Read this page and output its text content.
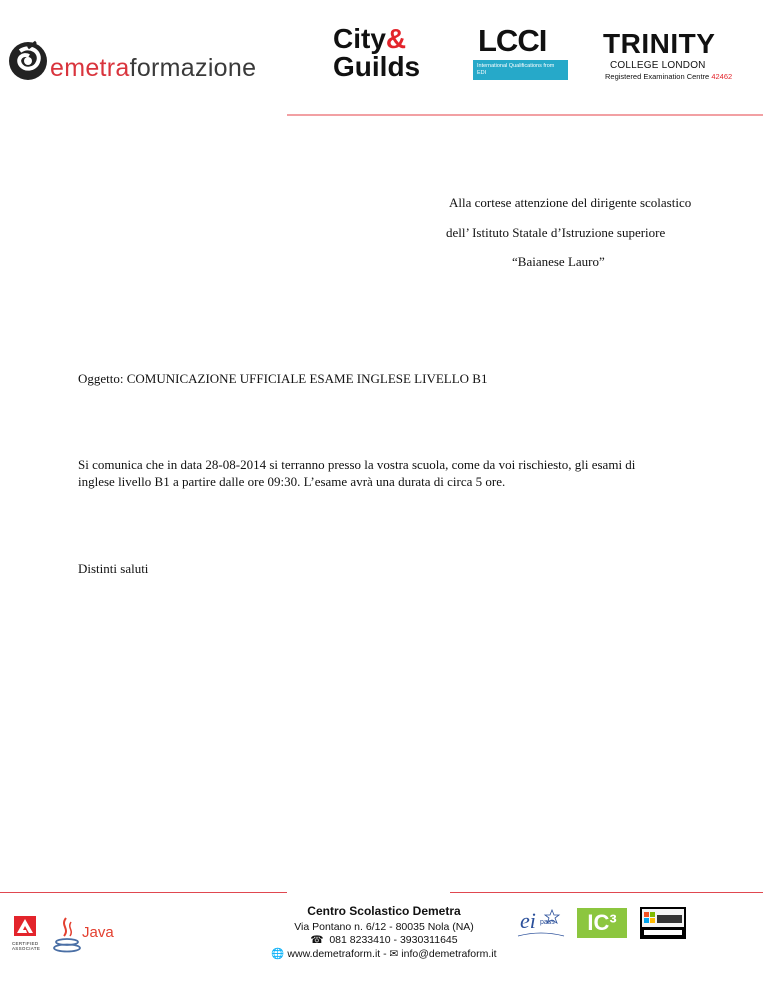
emetraformazione
City&
Guilds
LCCI
International Qualifications from EDI
TRINITY
COLLEGE LONDON
Registered Examination Centre 42462
Alla cortese attenzione del dirigente scolastico
dell’ Istituto Statale d’Istruzione superiore
“Baianese Lauro”
Oggetto: COMUNICAZIONE UFFICIALE ESAME INGLESE LIVELLO B1
Si comunica che in data 28-08-2014 si terranno presso la vostra scuola, come da voi rischiesto, gli esami di
inglese livello B1 a partire dalle ore 09:30. L’esame avrà una durata di circa 5 ore.
Distinti saluti
CERTIFIED ASSOCIATE
Java
Centro Scolastico Demetra
Via Pontano n. 6/12 - 80035 Nola (NA)
☎ 081 8233410 - 3930311645
🌐 www.demetraform.it - ✉ info@demetraform.it
ei pass	IC³
